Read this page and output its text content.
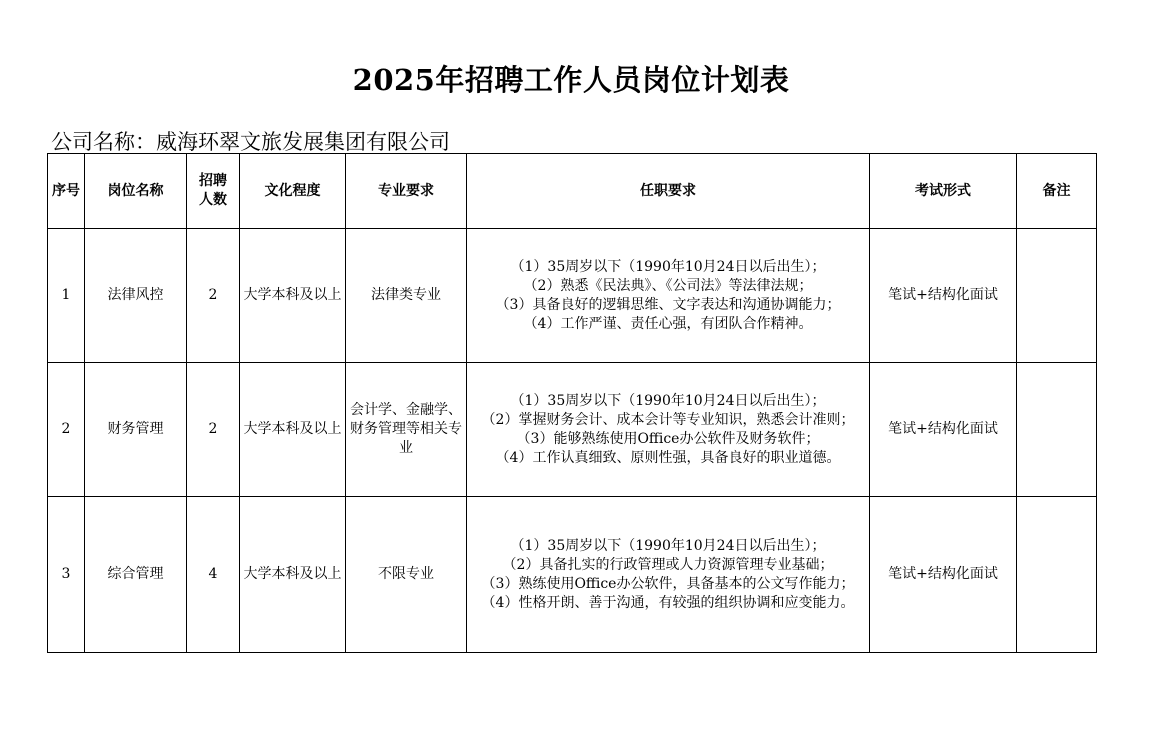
2025年招聘工作人员岗位计划表
公司名称：威海环翠文旅发展集团有限公司
序号	岗位名称	招聘
人数	文化程度	专业要求	任职要求	考试形式	备注
1	法律风控	2	大学本科及以上	法律类专业	（1）35周岁以下（1990年10月24日以后出生）；
（2）熟悉《民法典》、《公司法》等法律法规；
（3）具备良好的逻辑思维、文字表达和沟通协调能力；
（4）工作严谨、责任心强，有团队合作精神。	笔试+结构化面试	
2	财务管理	2	大学本科及以上	会计学、金融学、财务管理等相关专业	（1）35周岁以下（1990年10月24日以后出生）；
（2）掌握财务会计、成本会计等专业知识，熟悉会计准则；
（3）能够熟练使用Office办公软件及财务软件；
（4）工作认真细致、原则性强，具备良好的职业道德。	笔试+结构化面试	
3	综合管理	4	大学本科及以上	不限专业	（1）35周岁以下（1990年10月24日以后出生）；
（2）具备扎实的行政管理或人力资源管理专业基础；
（3）熟练使用Office办公软件，具备基本的公文写作能力；
（4）性格开朗、善于沟通，有较强的组织协调和应变能力。	笔试+结构化面试	
